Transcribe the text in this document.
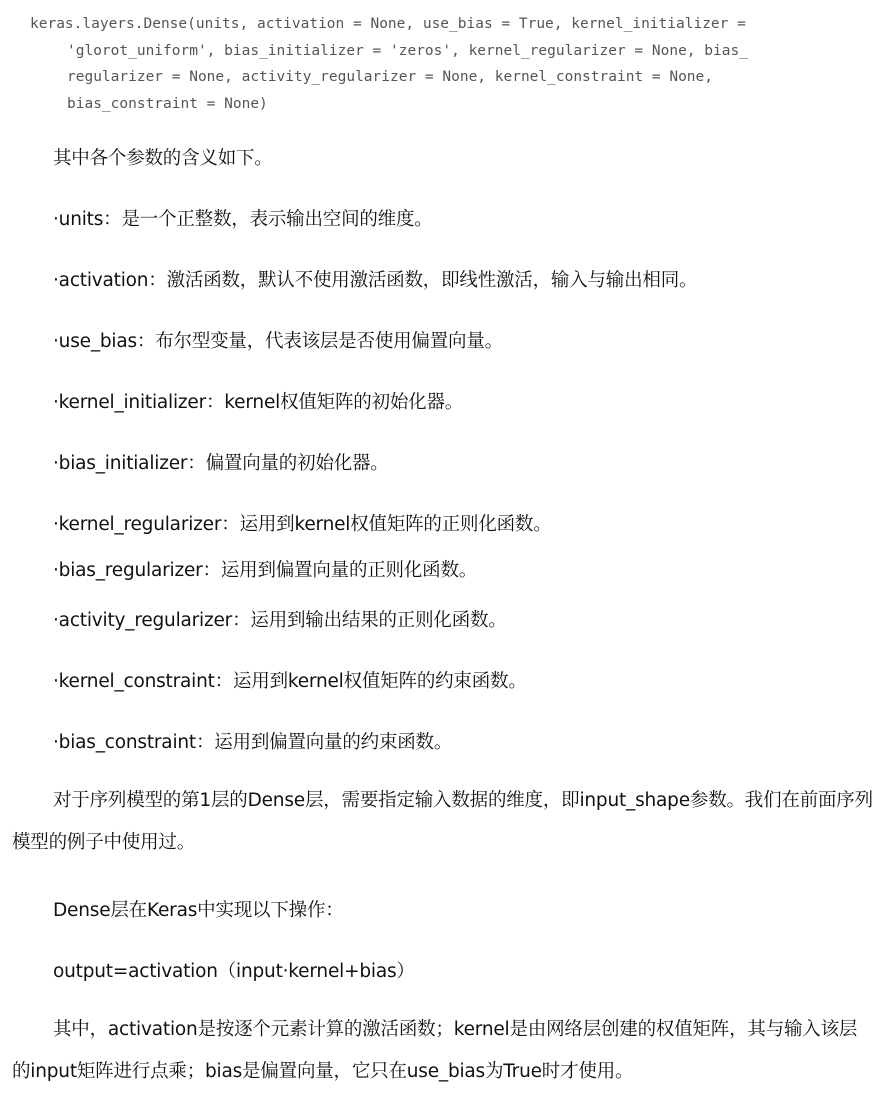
keras.layers.Dense(units, activation = None, use_bias = True, kernel_initializer =

'glorot_uniform', bias_initializer = 'zeros', kernel_regularizer = None, bias_

regularizer = None, activity_regularizer = None, kernel_constraint = None,

bias_constraint = None)

其中各个参数的含义如下。

·units：是一个正整数，表示输出空间的维度。

·activation：激活函数，默认不使用激活函数，即线性激活，输入与输出相同。

·use_bias：布尔型变量，代表该层是否使用偏置向量。

·kernel_initializer：kernel权值矩阵的初始化器。

·bias_initializer：偏置向量的初始化器。

·kernel_regularizer：运用到kernel权值矩阵的正则化函数。

·bias_regularizer：运用到偏置向量的正则化函数。

·activity_regularizer：运用到输出结果的正则化函数。

·kernel_constraint：运用到kernel权值矩阵的约束函数。

·bias_constraint：运用到偏置向量的约束函数。

对于序列模型的第1层的Dense层，需要指定输入数据的维度，即input_shape参数。我们在前面序列模型的例子中使用过。

Dense层在Keras中实现以下操作：

output=activation（input·kernel+bias）

其中，activation是按逐个元素计算的激活函数；kernel是由网络层创建的权值矩阵，其与输入该层的input矩阵进行点乘；bias是偏置向量，它只在use_bias为True时才使用。
